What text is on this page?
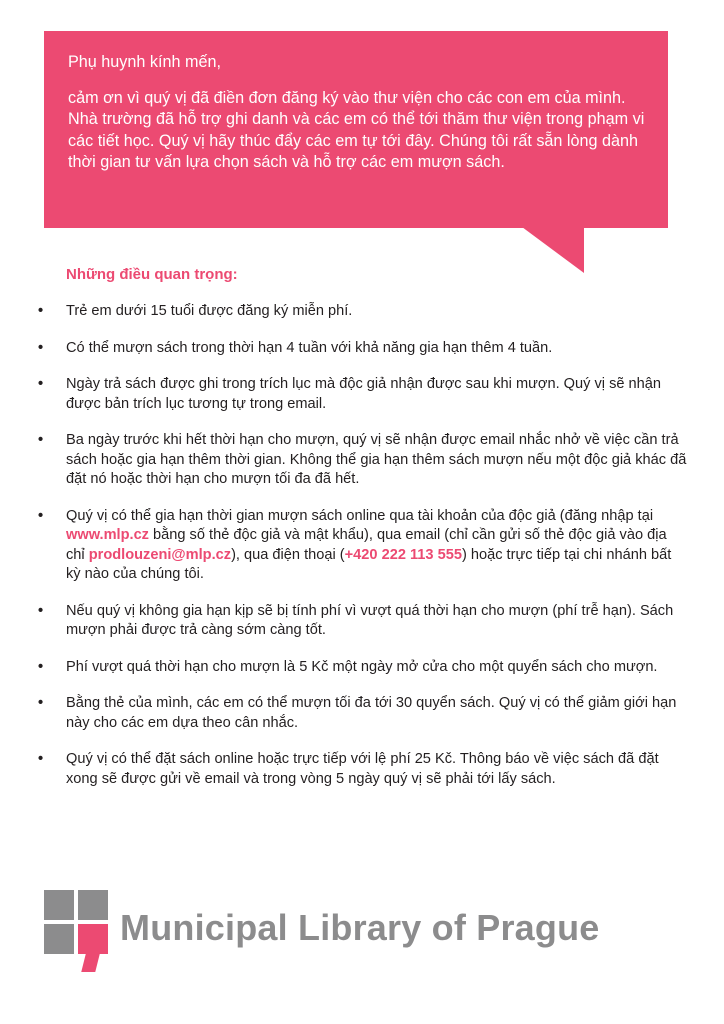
Phụ huynh kính mến,

cảm ơn vì quý vị đã điền đơn đăng ký vào thư viện cho các con em của mình. Nhà trường đã hỗ trợ ghi danh và các em có thể tới thăm thư viện trong phạm vi các tiết học. Quý vị hãy thúc đẩy các em tự tới đây. Chúng tôi rất sẵn lòng dành thời gian tư vấn lựa chọn sách và hỗ trợ các em mượn sách.

Những điều quan trọng:
• Trẻ em dưới 15 tuổi được đăng ký miễn phí.
• Có thể mượn sách trong thời hạn 4 tuần với khả năng gia hạn thêm 4 tuần.
• Ngày trả sách được ghi trong trích lục mà độc giả nhận được sau khi mượn. Quý vị sẽ nhận được bản trích lục tương tự trong email.
• Ba ngày trước khi hết thời hạn cho mượn, quý vị sẽ nhận được email nhắc nhở về việc cần trả sách hoặc gia hạn thêm thời gian. Không thể gia hạn thêm sách mượn nếu một độc giả khác đã đặt nó hoặc thời hạn cho mượn tối đa đã hết.
• Quý vị có thể gia hạn thời gian mượn sách online qua tài khoản của độc giả (đăng nhập tại www.mlp.cz bằng số thẻ độc giả và mật khẩu), qua email (chỉ cần gửi số thẻ độc giả vào địa chỉ prodlouzeni@mlp.cz), qua điện thoại (+420 222 113 555) hoặc trực tiếp tại chi nhánh bất kỳ nào của chúng tôi.
• Nếu quý vị không gia hạn kịp sẽ bị tính phí vì vượt quá thời hạn cho mượn (phí trễ hạn). Sách mượn phải được trả càng sớm càng tốt.
• Phí vượt quá thời hạn cho mượn là 5 Kč một ngày mở cửa cho một quyển sách cho mượn.
• Bằng thẻ của mình, các em có thể mượn tối đa tới 30 quyển sách. Quý vị có thể giảm giới hạn này cho các em dựa theo cân nhắc.
• Quý vị có thể đặt sách online hoặc trực tiếp với lệ phí 25 Kč. Thông báo về việc sách đã đặt xong sẽ được gửi về email và trong vòng 5 ngày quý vị sẽ phải tới lấy sách.

Municipal Library of Prague
